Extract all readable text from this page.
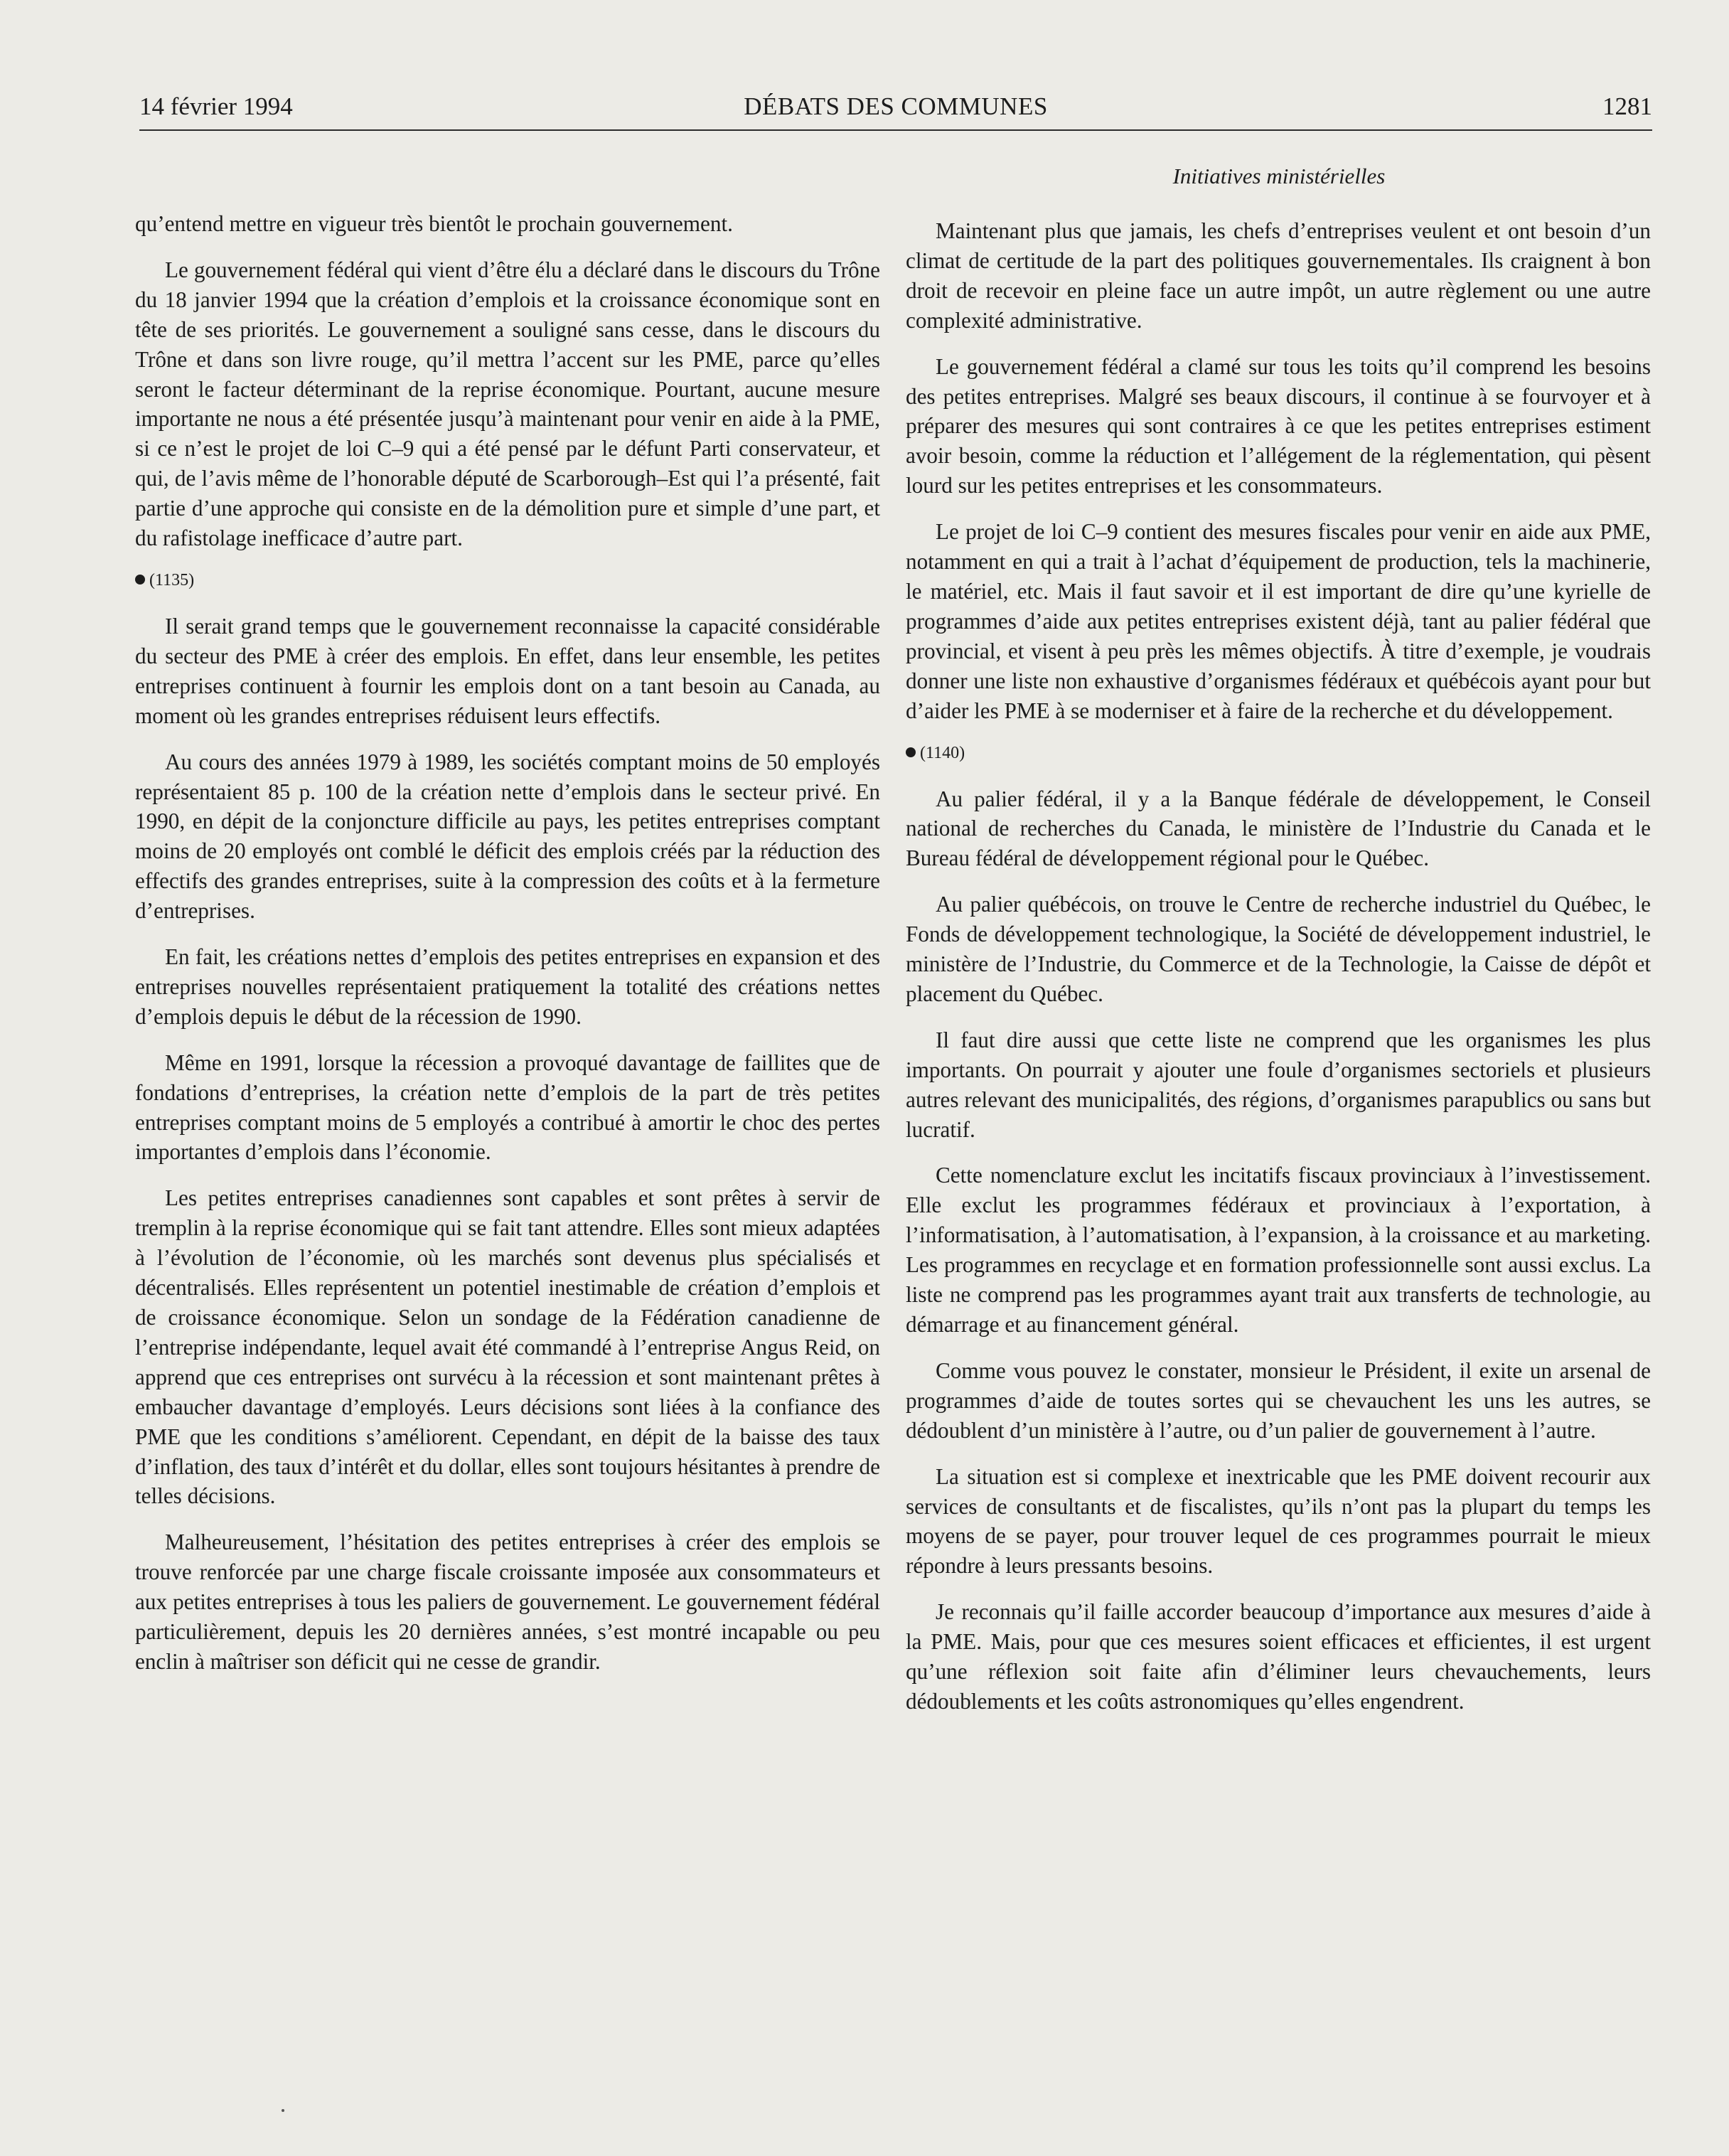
14 février 1994	DÉBATS DES COMMUNES	1281
Initiatives ministérielles

qu’entend mettre en vigueur très bientôt le prochain gouvernement.

Le gouvernement fédéral qui vient d’être élu a déclaré dans le discours du Trône du 18 janvier 1994 que la création d’emplois et la croissance économique sont en tête de ses priorités. Le gouvernement a souligné sans cesse, dans le discours du Trône et dans son livre rouge, qu’il mettra l’accent sur les PME, parce qu’elles seront le facteur déterminant de la reprise économique. Pourtant, aucune mesure importante ne nous a été présentée jusqu’à maintenant pour venir en aide à la PME, si ce n’est le projet de loi C–9 qui a été pensé par le défunt Parti conservateur, et qui, de l’avis même de l’honorable député de Scarborough–Est qui l’a présenté, fait partie d’une approche qui consiste en de la démolition pure et simple d’une part, et du rafistolage inefficace d’autre part.

(1135)

Il serait grand temps que le gouvernement reconnaisse la capacité considérable du secteur des PME à créer des emplois. En effet, dans leur ensemble, les petites entreprises continuent à fournir les emplois dont on a tant besoin au Canada, au moment où les grandes entreprises réduisent leurs effectifs.

Au cours des années 1979 à 1989, les sociétés comptant moins de 50 employés représentaient 85 p. 100 de la création nette d’emplois dans le secteur privé. En 1990, en dépit de la conjoncture difficile au pays, les petites entreprises comptant moins de 20 employés ont comblé le déficit des emplois créés par la réduction des effectifs des grandes entreprises, suite à la compression des coûts et à la fermeture d’entreprises.

En fait, les créations nettes d’emplois des petites entreprises en expansion et des entreprises nouvelles représentaient pratiquement la totalité des créations nettes d’emplois depuis le début de la récession de 1990.

Même en 1991, lorsque la récession a provoqué davantage de faillites que de fondations d’entreprises, la création nette d’emplois de la part de très petites entreprises comptant moins de 5 employés a contribué à amortir le choc des pertes importantes d’emplois dans l’économie.

Les petites entreprises canadiennes sont capables et sont prêtes à servir de tremplin à la reprise économique qui se fait tant attendre. Elles sont mieux adaptées à l’évolution de l’économie, où les marchés sont devenus plus spécialisés et décentralisés. Elles représentent un potentiel inestimable de création d’emplois et de croissance économique. Selon un sondage de la Fédération canadienne de l’entreprise indépendante, lequel avait été commandé à l’entreprise Angus Reid, on apprend que ces entreprises ont survécu à la récession et sont maintenant prêtes à embaucher davantage d’employés. Leurs décisions sont liées à la confiance des PME que les conditions s’améliorent. Cependant, en dépit de la baisse des taux d’inflation, des taux d’intérêt et du dollar, elles sont toujours hésitantes à prendre de telles décisions.

Malheureusement, l’hésitation des petites entreprises à créer des emplois se trouve renforcée par une charge fiscale croissante imposée aux consommateurs et aux petites entreprises à tous les paliers de gouvernement. Le gouvernement fédéral particulièrement, depuis les 20 dernières années, s’est montré incapable ou peu enclin à maîtriser son déficit qui ne cesse de grandir.

Maintenant plus que jamais, les chefs d’entreprises veulent et ont besoin d’un climat de certitude de la part des politiques gouvernementales. Ils craignent à bon droit de recevoir en pleine face un autre impôt, un autre règlement ou une autre complexité administrative.

Le gouvernement fédéral a clamé sur tous les toits qu’il comprend les besoins des petites entreprises. Malgré ses beaux discours, il continue à se fourvoyer et à préparer des mesures qui sont contraires à ce que les petites entreprises estiment avoir besoin, comme la réduction et l’allégement de la réglementation, qui pèsent lourd sur les petites entreprises et les consommateurs.

Le projet de loi C–9 contient des mesures fiscales pour venir en aide aux PME, notamment en qui a trait à l’achat d’équipement de production, tels la machinerie, le matériel, etc. Mais il faut savoir et il est important de dire qu’une kyrielle de programmes d’aide aux petites entreprises existent déjà, tant au palier fédéral que provincial, et visent à peu près les mêmes objectifs. À titre d’exemple, je voudrais donner une liste non exhaustive d’organismes fédéraux et québécois ayant pour but d’aider les PME à se moderniser et à faire de la recherche et du développement.

(1140)

Au palier fédéral, il y a la Banque fédérale de développement, le Conseil national de recherches du Canada, le ministère de l’Industrie du Canada et le Bureau fédéral de développement régional pour le Québec.

Au palier québécois, on trouve le Centre de recherche industriel du Québec, le Fonds de développement technologique, la Société de développement industriel, le ministère de l’Industrie, du Commerce et de la Technologie, la Caisse de dépôt et placement du Québec.

Il faut dire aussi que cette liste ne comprend que les organismes les plus importants. On pourrait y ajouter une foule d’organismes sectoriels et plusieurs autres relevant des municipalités, des régions, d’organismes parapublics ou sans but lucratif.

Cette nomenclature exclut les incitatifs fiscaux provinciaux à l’investissement. Elle exclut les programmes fédéraux et provinciaux à l’exportation, à l’informatisation, à l’automatisation, à l’expansion, à la croissance et au marketing. Les programmes en recyclage et en formation professionnelle sont aussi exclus. La liste ne comprend pas les programmes ayant trait aux transferts de technologie, au démarrage et au financement général.

Comme vous pouvez le constater, monsieur le Président, il exite un arsenal de programmes d’aide de toutes sortes qui se chevauchent les uns les autres, se dédoublent d’un ministère à l’autre, ou d’un palier de gouvernement à l’autre.

La situation est si complexe et inextricable que les PME doivent recourir aux services de consultants et de fiscalistes, qu’ils n’ont pas la plupart du temps les moyens de se payer, pour trouver lequel de ces programmes pourrait le mieux répondre à leurs pressants besoins.

Je reconnais qu’il faille accorder beaucoup d’importance aux mesures d’aide à la PME. Mais, pour que ces mesures soient efficaces et efficientes, il est urgent qu’une réflexion soit faite afin d’éliminer leurs chevauchements, leurs dédoublements et les coûts astronomiques qu’elles engendrent.
